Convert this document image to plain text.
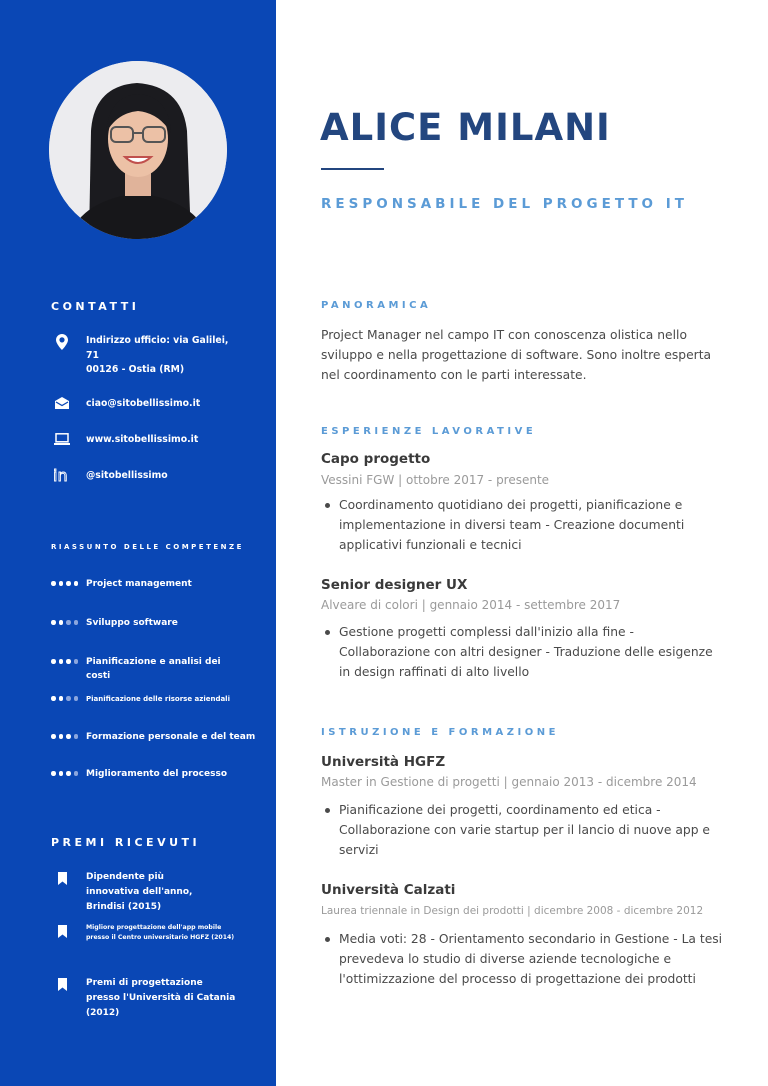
CONTATTI
Indirizzo ufficio: via Galilei,
71
00126 - Ostia (RM)
ciao@sitobellissimo.it
www.sitobellissimo.it
in @sitobellissimo
RIASSUNTO DELLE COMPETENZE
Project management
Sviluppo software
Pianificazione e analisi dei costi
Pianificazione delle risorse aziendali
Formazione personale e del team
Miglioramento del processo
PREMI RICEVUTI
Dipendente più innovativa dell'anno, Brindisi (2015)
Migliore progettazione dell'app mobile presso il Centro universitario HGFZ (2014)
Premi di progettazione presso l'Università di Catania (2012)
ALICE MILANI
RESPONSABILE DEL PROGETTO IT
PANORAMICA

Project Manager nel campo IT con conoscenza olistica nello sviluppo e nella progettazione di software. Sono inoltre esperta nel coordinamento con le parti interessate.

ESPERIENZE LAVORATIVE
Capo progetto

Vessini FGW | ottobre 2017 - presente

Coordinamento quotidiano dei progetti, pianificazione e implementazione in diversi team - Creazione documenti applicativi funzionali e tecnici

Senior designer UX

Alveare di colori | gennaio 2014 - settembre 2017

Gestione progetti complessi dall'inizio alla fine - Collaborazione con altri designer - Traduzione delle esigenze in design raffinati di alto livello

ISTRUZIONE E FORMAZIONE
Università HGFZ

Master in Gestione di progetti | gennaio 2013 - dicembre 2014

Pianificazione dei progetti, coordinamento ed etica - Collaborazione con varie startup per il lancio di nuove app e servizi

Università Calzati

Laurea triennale in Design dei prodotti | dicembre 2008 - dicembre 2012

Media voti: 28 - Orientamento secondario in Gestione - La tesi prevedeva lo studio di diverse aziende tecnologiche e l'ottimizzazione del processo di progettazione dei prodotti
